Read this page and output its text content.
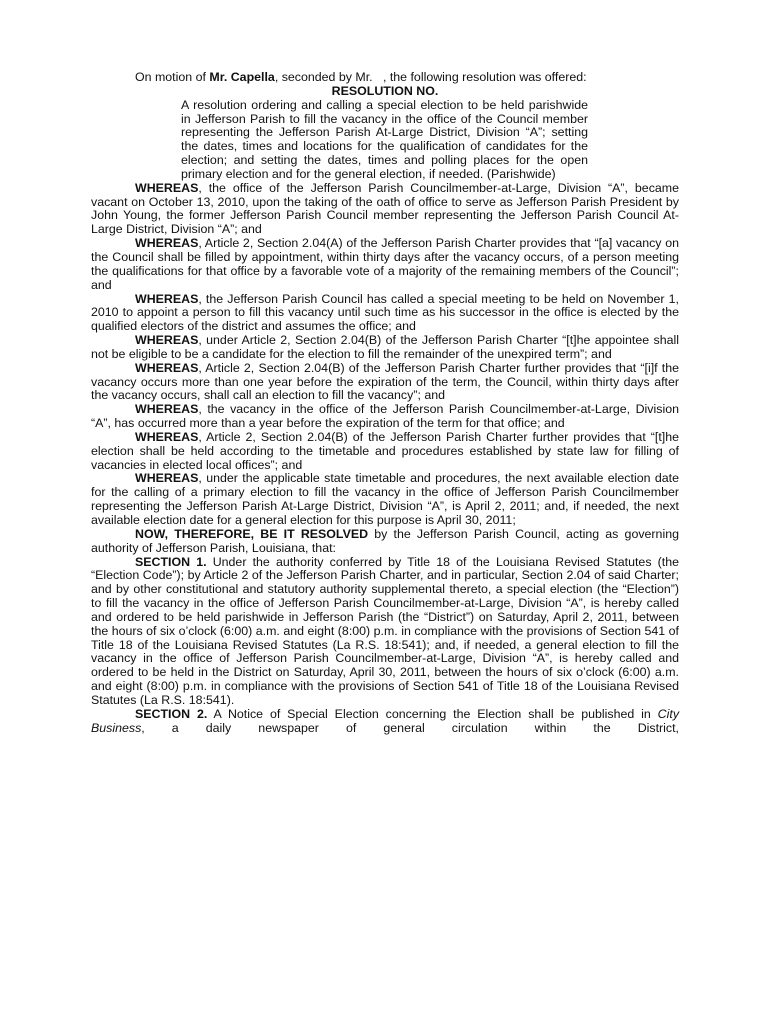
On motion of Mr. Capella, seconded by Mr.   , the following resolution was offered:

RESOLUTION NO.

A resolution ordering and calling a special election to be held parishwide in Jefferson Parish to fill the vacancy in the office of the Council member representing the Jefferson Parish At-Large District, Division “A”; setting the dates, times and locations for the qualification of candidates for the election; and setting the dates, times and polling places for the open primary election and for the general election, if needed. (Parishwide)

WHEREAS, the office of the Jefferson Parish Councilmember-at-Large, Division “A”, became vacant on October 13, 2010, upon the taking of the oath of office to serve as Jefferson Parish President by John Young, the former Jefferson Parish Council member representing the Jefferson Parish Council At-Large District, Division “A”; and

WHEREAS, Article 2, Section 2.04(A) of the Jefferson Parish Charter provides that “[a] vacancy on the Council shall be filled by appointment, within thirty days after the vacancy occurs, of a person meeting the qualifications for that office by a favorable vote of a majority of the remaining members of the Council”; and

WHEREAS, the Jefferson Parish Council has called a special meeting to be held on November 1, 2010 to appoint a person to fill this vacancy until such time as his successor in the office is elected by the qualified electors of the district and assumes the office; and

WHEREAS, under Article 2, Section 2.04(B) of the Jefferson Parish Charter “[t]he appointee shall not be eligible to be a candidate for the election to fill the remainder of the unexpired term”; and

WHEREAS, Article 2, Section 2.04(B) of the Jefferson Parish Charter further provides that “[i]f the vacancy occurs more than one year before the expiration of the term, the Council, within thirty days after the vacancy occurs, shall call an election to fill the vacancy”; and

WHEREAS, the vacancy in the office of the Jefferson Parish Councilmember-at-Large, Division “A”, has occurred more than a year before the expiration of the term for that office; and

WHEREAS, Article 2, Section 2.04(B) of the Jefferson Parish Charter further provides that “[t]he election shall be held according to the timetable and procedures established by state law for filling of vacancies in elected local offices”; and

WHEREAS, under the applicable state timetable and procedures, the next available election date for the calling of a primary election to fill the vacancy in the office of Jefferson Parish Councilmember representing the Jefferson Parish At-Large District, Division “A”, is April 2, 2011; and, if needed, the next available election date for a general election for this purpose is April 30, 2011;

NOW, THEREFORE, BE IT RESOLVED by the Jefferson Parish Council, acting as governing authority of Jefferson Parish, Louisiana, that:

SECTION 1. Under the authority conferred by Title 18 of the Louisiana Revised Statutes (the “Election Code”); by Article 2 of the Jefferson Parish Charter, and in particular, Section 2.04 of said Charter; and by other constitutional and statutory authority supplemental thereto, a special election (the “Election”) to fill the vacancy in the office of Jefferson Parish Councilmember-at-Large, Division “A”, is hereby called and ordered to be held parishwide in Jefferson Parish (the “District”) on Saturday, April 2, 2011, between the hours of six o’clock (6:00) a.m. and eight (8:00) p.m. in compliance with the provisions of Section 541 of Title 18 of the Louisiana Revised Statutes (La R.S. 18:541); and, if needed, a general election to fill the vacancy in the office of Jefferson Parish Councilmember-at-Large, Division “A”, is hereby called and ordered to be held in the District on Saturday, April 30, 2011, between the hours of six o’clock (6:00) a.m. and eight (8:00) p.m. in compliance with the provisions of Section 541 of Title 18 of the Louisiana Revised Statutes (La R.S. 18:541).

SECTION 2. A Notice of Special Election concerning the Election shall be published in City Business, a daily newspaper of general circulation within the District,
